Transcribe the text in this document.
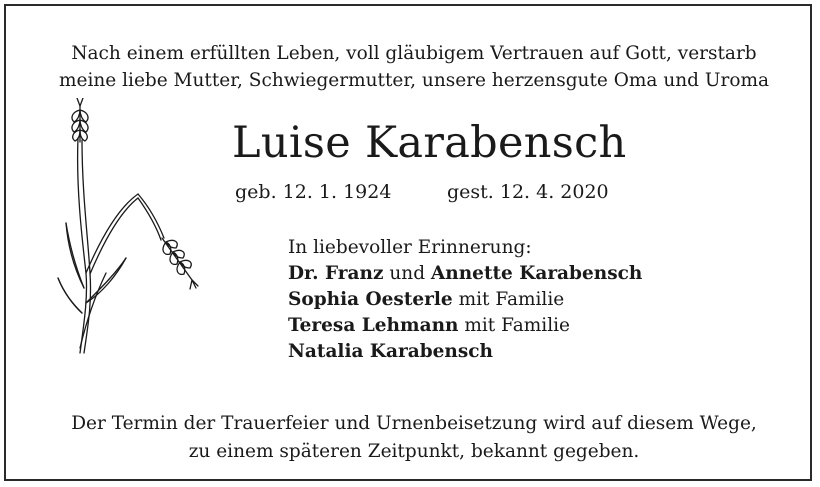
Nach einem erfüllten Leben, voll gläubigem Vertrauen auf Gott, verstarb
meine liebe Mutter, Schwiegermutter, unsere herzensgute Oma und Uroma
Luise Karabensch
geb. 12. 1. 1924	gest. 12. 4. 2020
In liebevoller Erinnerung:
Dr. Franz und Annette Karabensch
Sophia Oesterle mit Familie
Teresa Lehmann mit Familie
Natalia Karabensch
Der Termin der Trauerfeier und Urnenbeisetzung wird auf diesem Wege,
zu einem späteren Zeitpunkt, bekannt gegeben.
